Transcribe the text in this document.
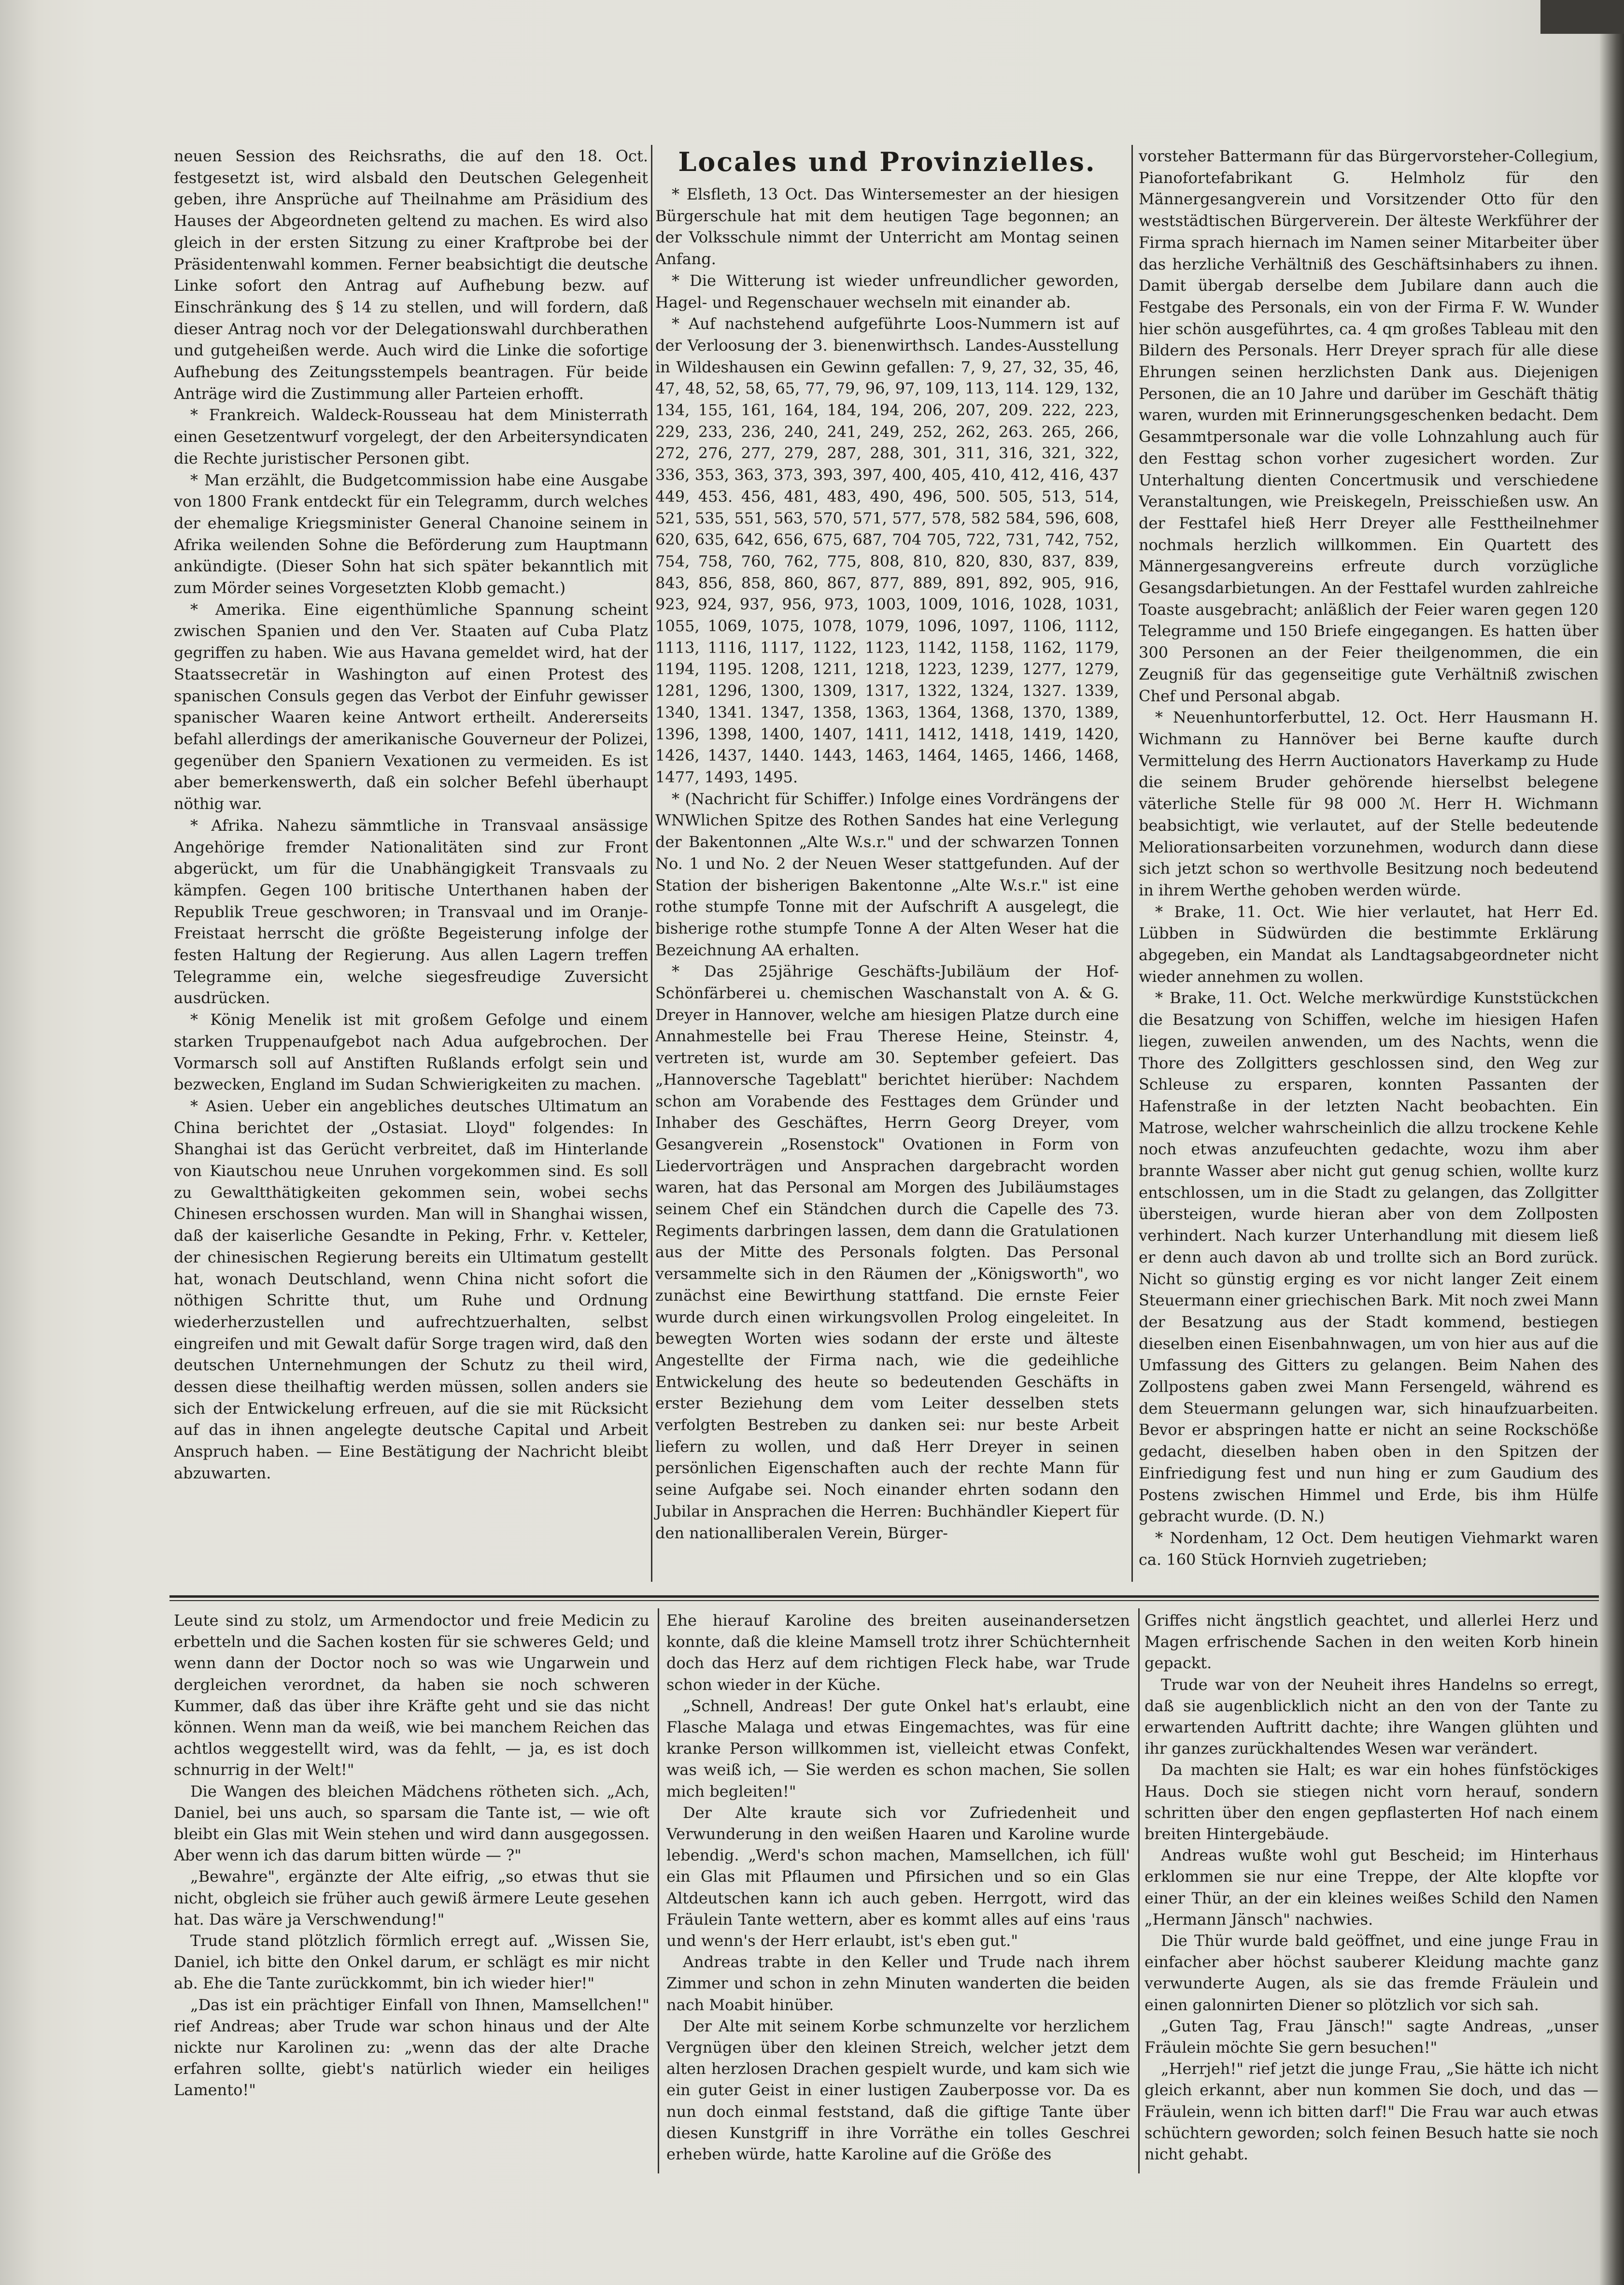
neuen Session des Reichsraths, die auf den 18. Oct. festgesetzt ist, wird alsbald den Deutschen Gelegenheit geben, ihre Ansprüche auf Theilnahme am Präsidium des Hauses der Abgeordneten geltend zu machen. Es wird also gleich in der ersten Sitzung zu einer Kraftprobe bei der Präsidentenwahl kommen. Ferner beabsichtigt die deutsche Linke sofort den Antrag auf Aufhebung bezw. auf Einschränkung des § 14 zu stellen, und will fordern, daß dieser Antrag noch vor der Delegationswahl durchberathen und gutgeheißen werde. Auch wird die Linke die sofortige Aufhebung des Zeitungsstempels beantragen. Für beide Anträge wird die Zustimmung aller Parteien erhofft.

* Frankreich. Waldeck-Rousseau hat dem Ministerrath einen Gesetzentwurf vorgelegt, der den Arbeitersyndicaten die Rechte juristischer Personen gibt.

* Man erzählt, die Budgetcommission habe eine Ausgabe von 1800 Frank entdeckt für ein Telegramm, durch welches der ehemalige Kriegsminister General Chanoine seinem in Afrika weilenden Sohne die Beförderung zum Hauptmann ankündigte. (Dieser Sohn hat sich später bekanntlich mit zum Mörder seines Vorgesetzten Klobb gemacht.)

* Amerika. Eine eigenthümliche Spannung scheint zwischen Spanien und den Ver. Staaten auf Cuba Platz gegriffen zu haben. Wie aus Havana gemeldet wird, hat der Staatssecretär in Washington auf einen Protest des spanischen Consuls gegen das Verbot der Einfuhr gewisser spanischer Waaren keine Antwort ertheilt. Andererseits befahl allerdings der amerikanische Gouverneur der Polizei, gegenüber den Spaniern Vexationen zu vermeiden. Es ist aber bemerkenswerth, daß ein solcher Befehl überhaupt nöthig war.

* Afrika. Nahezu sämmtliche in Transvaal ansässige Angehörige fremder Nationalitäten sind zur Front abgerückt, um für die Unabhängigkeit Transvaals zu kämpfen. Gegen 100 britische Unterthanen haben der Republik Treue geschworen; in Transvaal und im Oranje-Freistaat herrscht die größte Begeisterung infolge der festen Haltung der Regierung. Aus allen Lagern treffen Telegramme ein, welche siegesfreudige Zuversicht ausdrücken.

* König Menelik ist mit großem Gefolge und einem starken Truppenaufgebot nach Adua aufgebrochen. Der Vormarsch soll auf Anstiften Rußlands erfolgt sein und bezwecken, England im Sudan Schwierigkeiten zu machen.

* Asien. Ueber ein angebliches deutsches Ultimatum an China berichtet der „Ostasiat. Lloyd" folgendes: In Shanghai ist das Gerücht verbreitet, daß im Hinterlande von Kiautschou neue Unruhen vorgekommen sind. Es soll zu Gewaltthätigkeiten gekommen sein, wobei sechs Chinesen erschossen wurden. Man will in Shanghai wissen, daß der kaiserliche Gesandte in Peking, Frhr. v. Ketteler, der chinesischen Regierung bereits ein Ultimatum gestellt hat, wonach Deutschland, wenn China nicht sofort die nöthigen Schritte thut, um Ruhe und Ordnung wiederherzustellen und aufrechtzuerhalten, selbst eingreifen und mit Gewalt dafür Sorge tragen wird, daß den deutschen Unternehmungen der Schutz zu theil wird, dessen diese theilhaftig werden müssen, sollen anders sie sich der Entwickelung erfreuen, auf die sie mit Rücksicht auf das in ihnen angelegte deutsche Capital und Arbeit Anspruch haben. — Eine Bestätigung der Nachricht bleibt abzuwarten.

Locales und Provinzielles.

* Elsfleth, 13 Oct. Das Wintersemester an der hiesigen Bürgerschule hat mit dem heutigen Tage begonnen; an der Volksschule nimmt der Unterricht am Montag seinen Anfang.

* Die Witterung ist wieder unfreundlicher geworden, Hagel- und Regenschauer wechseln mit einander ab.

* Auf nachstehend aufgeführte Loos-Nummern ist auf der Verloosung der 3. bienenwirthsch. Landes-Ausstellung in Wildeshausen ein Gewinn gefallen: 7, 9, 27, 32, 35, 46, 47, 48, 52, 58, 65, 77, 79, 96, 97, 109, 113, 114. 129, 132, 134, 155, 161, 164, 184, 194, 206, 207, 209. 222, 223, 229, 233, 236, 240, 241, 249, 252, 262, 263. 265, 266, 272, 276, 277, 279, 287, 288, 301, 311, 316, 321, 322, 336, 353, 363, 373, 393, 397, 400, 405, 410, 412, 416, 437 449, 453. 456, 481, 483, 490, 496, 500. 505, 513, 514, 521, 535, 551, 563, 570, 571, 577, 578, 582 584, 596, 608, 620, 635, 642, 656, 675, 687, 704 705, 722, 731, 742, 752, 754, 758, 760, 762, 775, 808, 810, 820, 830, 837, 839, 843, 856, 858, 860, 867, 877, 889, 891, 892, 905, 916, 923, 924, 937, 956, 973, 1003, 1009, 1016, 1028, 1031, 1055, 1069, 1075, 1078, 1079, 1096, 1097, 1106, 1112, 1113, 1116, 1117, 1122, 1123, 1142, 1158, 1162, 1179, 1194, 1195. 1208, 1211, 1218, 1223, 1239, 1277, 1279, 1281, 1296, 1300, 1309, 1317, 1322, 1324, 1327. 1339, 1340, 1341. 1347, 1358, 1363, 1364, 1368, 1370, 1389, 1396, 1398, 1400, 1407, 1411, 1412, 1418, 1419, 1420, 1426, 1437, 1440. 1443, 1463, 1464, 1465, 1466, 1468, 1477, 1493, 1495.

* (Nachricht für Schiffer.) Infolge eines Vordrängens der WNWlichen Spitze des Rothen Sandes hat eine Verlegung der Bakentonnen „Alte W.s.r." und der schwarzen Tonnen No. 1 und No. 2 der Neuen Weser stattgefunden. Auf der Station der bisherigen Bakentonne „Alte W.s.r." ist eine rothe stumpfe Tonne mit der Aufschrift A ausgelegt, die bisherige rothe stumpfe Tonne A der Alten Weser hat die Bezeichnung AA erhalten.

* Das 25jährige Geschäfts-Jubiläum der Hof-Schönfärberei u. chemischen Waschanstalt von A. & G. Dreyer in Hannover, welche am hiesigen Platze durch eine Annahmestelle bei Frau Therese Heine, Steinstr. 4, vertreten ist, wurde am 30. September gefeiert. Das „Hannoversche Tageblatt" berichtet hierüber: Nachdem schon am Vorabende des Festtages dem Gründer und Inhaber des Geschäftes, Herrn Georg Dreyer, vom Gesangverein „Rosenstock" Ovationen in Form von Liedervorträgen und Ansprachen dargebracht worden waren, hat das Personal am Morgen des Jubiläumstages seinem Chef ein Ständchen durch die Capelle des 73. Regiments darbringen lassen, dem dann die Gratulationen aus der Mitte des Personals folgten. Das Personal versammelte sich in den Räumen der „Königsworth", wo zunächst eine Bewirthung stattfand. Die ernste Feier wurde durch einen wirkungsvollen Prolog eingeleitet. In bewegten Worten wies sodann der erste und älteste Angestellte der Firma nach, wie die gedeihliche Entwickelung des heute so bedeutenden Geschäfts in erster Beziehung dem vom Leiter desselben stets verfolgten Bestreben zu danken sei: nur beste Arbeit liefern zu wollen, und daß Herr Dreyer in seinen persönlichen Eigenschaften auch der rechte Mann für seine Aufgabe sei. Noch einander ehrten sodann den Jubilar in Ansprachen die Herren: Buchhändler Kiepert für den nationalliberalen Verein, Bürger-

vorsteher Battermann für das Bürgervorsteher-Collegium, Pianofortefabrikant G. Helmholz für den Männergesangverein und Vorsitzender Otto für den weststädtischen Bürgerverein. Der älteste Werkführer der Firma sprach hiernach im Namen seiner Mitarbeiter über das herzliche Verhältniß des Geschäftsinhabers zu ihnen. Damit übergab derselbe dem Jubilare dann auch die Festgabe des Personals, ein von der Firma F. W. Wunder hier schön ausgeführtes, ca. 4 qm großes Tableau mit den Bildern des Personals. Herr Dreyer sprach für alle diese Ehrungen seinen herzlichsten Dank aus. Diejenigen Personen, die an 10 Jahre und darüber im Geschäft thätig waren, wurden mit Erinnerungsgeschenken bedacht. Dem Gesammtpersonale war die volle Lohnzahlung auch für den Festtag schon vorher zugesichert worden. Zur Unterhaltung dienten Concertmusik und verschiedene Veranstaltungen, wie Preiskegeln, Preisschießen usw. An der Festtafel hieß Herr Dreyer alle Festtheilnehmer nochmals herzlich willkommen. Ein Quartett des Männergesangvereins erfreute durch vorzügliche Gesangsdarbietungen. An der Festtafel wurden zahlreiche Toaste ausgebracht; anläßlich der Feier waren gegen 120 Telegramme und 150 Briefe eingegangen. Es hatten über 300 Personen an der Feier theilgenommen, die ein Zeugniß für das gegenseitige gute Verhältniß zwischen Chef und Personal abgab.

* Neuenhuntorferbuttel, 12. Oct. Herr Hausmann H. Wichmann zu Hannöver bei Berne kaufte durch Vermittelung des Herrn Auctionators Haverkamp zu Hude die seinem Bruder gehörende hierselbst belegene väterliche Stelle für 98 000 ℳ. Herr H. Wichmann beabsichtigt, wie verlautet, auf der Stelle bedeutende Meliorationsarbeiten vorzunehmen, wodurch dann diese sich jetzt schon so werthvolle Besitzung noch bedeutend in ihrem Werthe gehoben werden würde.

* Brake, 11. Oct. Wie hier verlautet, hat Herr Ed. Lübben in Südwürden die bestimmte Erklärung abgegeben, ein Mandat als Landtagsabgeordneter nicht wieder annehmen zu wollen.

* Brake, 11. Oct. Welche merkwürdige Kunststückchen die Besatzung von Schiffen, welche im hiesigen Hafen liegen, zuweilen anwenden, um des Nachts, wenn die Thore des Zollgitters geschlossen sind, den Weg zur Schleuse zu ersparen, konnten Passanten der Hafenstraße in der letzten Nacht beobachten. Ein Matrose, welcher wahrscheinlich die allzu trockene Kehle noch etwas anzufeuchten gedachte, wozu ihm aber brannte Wasser aber nicht gut genug schien, wollte kurz entschlossen, um in die Stadt zu gelangen, das Zollgitter übersteigen, wurde hieran aber von dem Zollposten verhindert. Nach kurzer Unterhandlung mit diesem ließ er denn auch davon ab und trollte sich an Bord zurück. Nicht so günstig erging es vor nicht langer Zeit einem Steuermann einer griechischen Bark. Mit noch zwei Mann der Besatzung aus der Stadt kommend, bestiegen dieselben einen Eisenbahnwagen, um von hier aus auf die Umfassung des Gitters zu gelangen. Beim Nahen des Zollpostens gaben zwei Mann Fersengeld, während es dem Steuermann gelungen war, sich hinaufzuarbeiten. Bevor er abspringen hatte er nicht an seine Rockschöße gedacht, dieselben haben oben in den Spitzen der Einfriedigung fest und nun hing er zum Gaudium des Postens zwischen Himmel und Erde, bis ihm Hülfe gebracht wurde. (D. N.)

* Nordenham, 12 Oct. Dem heutigen Viehmarkt waren ca. 160 Stück Hornvieh zugetrieben;

Leute sind zu stolz, um Armendoctor und freie Medicin zu erbetteln und die Sachen kosten für sie schweres Geld; und wenn dann der Doctor noch so was wie Ungarwein und dergleichen verordnet, da haben sie noch schweren Kummer, daß das über ihre Kräfte geht und sie das nicht können. Wenn man da weiß, wie bei manchem Reichen das achtlos weggestellt wird, was da fehlt, — ja, es ist doch schnurrig in der Welt!"

Die Wangen des bleichen Mädchens rötheten sich. „Ach, Daniel, bei uns auch, so sparsam die Tante ist, — wie oft bleibt ein Glas mit Wein stehen und wird dann ausgegossen. Aber wenn ich das darum bitten würde — ?"

„Bewahre", ergänzte der Alte eifrig, „so etwas thut sie nicht, obgleich sie früher auch gewiß ärmere Leute gesehen hat. Das wäre ja Verschwendung!"

Trude stand plötzlich förmlich erregt auf. „Wissen Sie, Daniel, ich bitte den Onkel darum, er schlägt es mir nicht ab. Ehe die Tante zurückkommt, bin ich wieder hier!"

„Das ist ein prächtiger Einfall von Ihnen, Mamsellchen!" rief Andreas; aber Trude war schon hinaus und der Alte nickte nur Karolinen zu: „wenn das der alte Drache erfahren sollte, giebt's natürlich wieder ein heiliges Lamento!"

Ehe hierauf Karoline des breiten auseinandersetzen konnte, daß die kleine Mamsell trotz ihrer Schüchternheit doch das Herz auf dem richtigen Fleck habe, war Trude schon wieder in der Küche.

„Schnell, Andreas! Der gute Onkel hat's erlaubt, eine Flasche Malaga und etwas Eingemachtes, was für eine kranke Person willkommen ist, vielleicht etwas Confekt, was weiß ich, — Sie werden es schon machen, Sie sollen mich begleiten!"

Der Alte kraute sich vor Zufriedenheit und Verwunderung in den weißen Haaren und Karoline wurde lebendig. „Werd's schon machen, Mamsellchen, ich füll' ein Glas mit Pflaumen und Pfirsichen und so ein Glas Altdeutschen kann ich auch geben. Herrgott, wird das Fräulein Tante wettern, aber es kommt alles auf eins 'raus und wenn's der Herr erlaubt, ist's eben gut."

Andreas trabte in den Keller und Trude nach ihrem Zimmer und schon in zehn Minuten wanderten die beiden nach Moabit hinüber.

Der Alte mit seinem Korbe schmunzelte vor herzlichem Vergnügen über den kleinen Streich, welcher jetzt dem alten herzlosen Drachen gespielt wurde, und kam sich wie ein guter Geist in einer lustigen Zauberposse vor. Da es nun doch einmal feststand, daß die giftige Tante über diesen Kunstgriff in ihre Vorräthe ein tolles Geschrei erheben würde, hatte Karoline auf die Größe des

Griffes nicht ängstlich geachtet, und allerlei Herz und Magen erfrischende Sachen in den weiten Korb hinein gepackt.

Trude war von der Neuheit ihres Handelns so erregt, daß sie augenblicklich nicht an den von der Tante zu erwartenden Auftritt dachte; ihre Wangen glühten und ihr ganzes zurückhaltendes Wesen war verändert.

Da machten sie Halt; es war ein hohes fünfstöckiges Haus. Doch sie stiegen nicht vorn herauf, sondern schritten über den engen gepflasterten Hof nach einem breiten Hintergebäude.

Andreas wußte wohl gut Bescheid; im Hinterhaus erklommen sie nur eine Treppe, der Alte klopfte vor einer Thür, an der ein kleines weißes Schild den Namen „Hermann Jänsch" nachwies.

Die Thür wurde bald geöffnet, und eine junge Frau in einfacher aber höchst sauberer Kleidung machte ganz verwunderte Augen, als sie das fremde Fräulein und einen galonnirten Diener so plötzlich vor sich sah.

„Guten Tag, Frau Jänsch!" sagte Andreas, „unser Fräulein möchte Sie gern besuchen!"

„Herrjeh!" rief jetzt die junge Frau, „Sie hätte ich nicht gleich erkannt, aber nun kommen Sie doch, und das — Fräulein, wenn ich bitten darf!" Die Frau war auch etwas schüchtern geworden; solch feinen Besuch hatte sie noch nicht gehabt.
